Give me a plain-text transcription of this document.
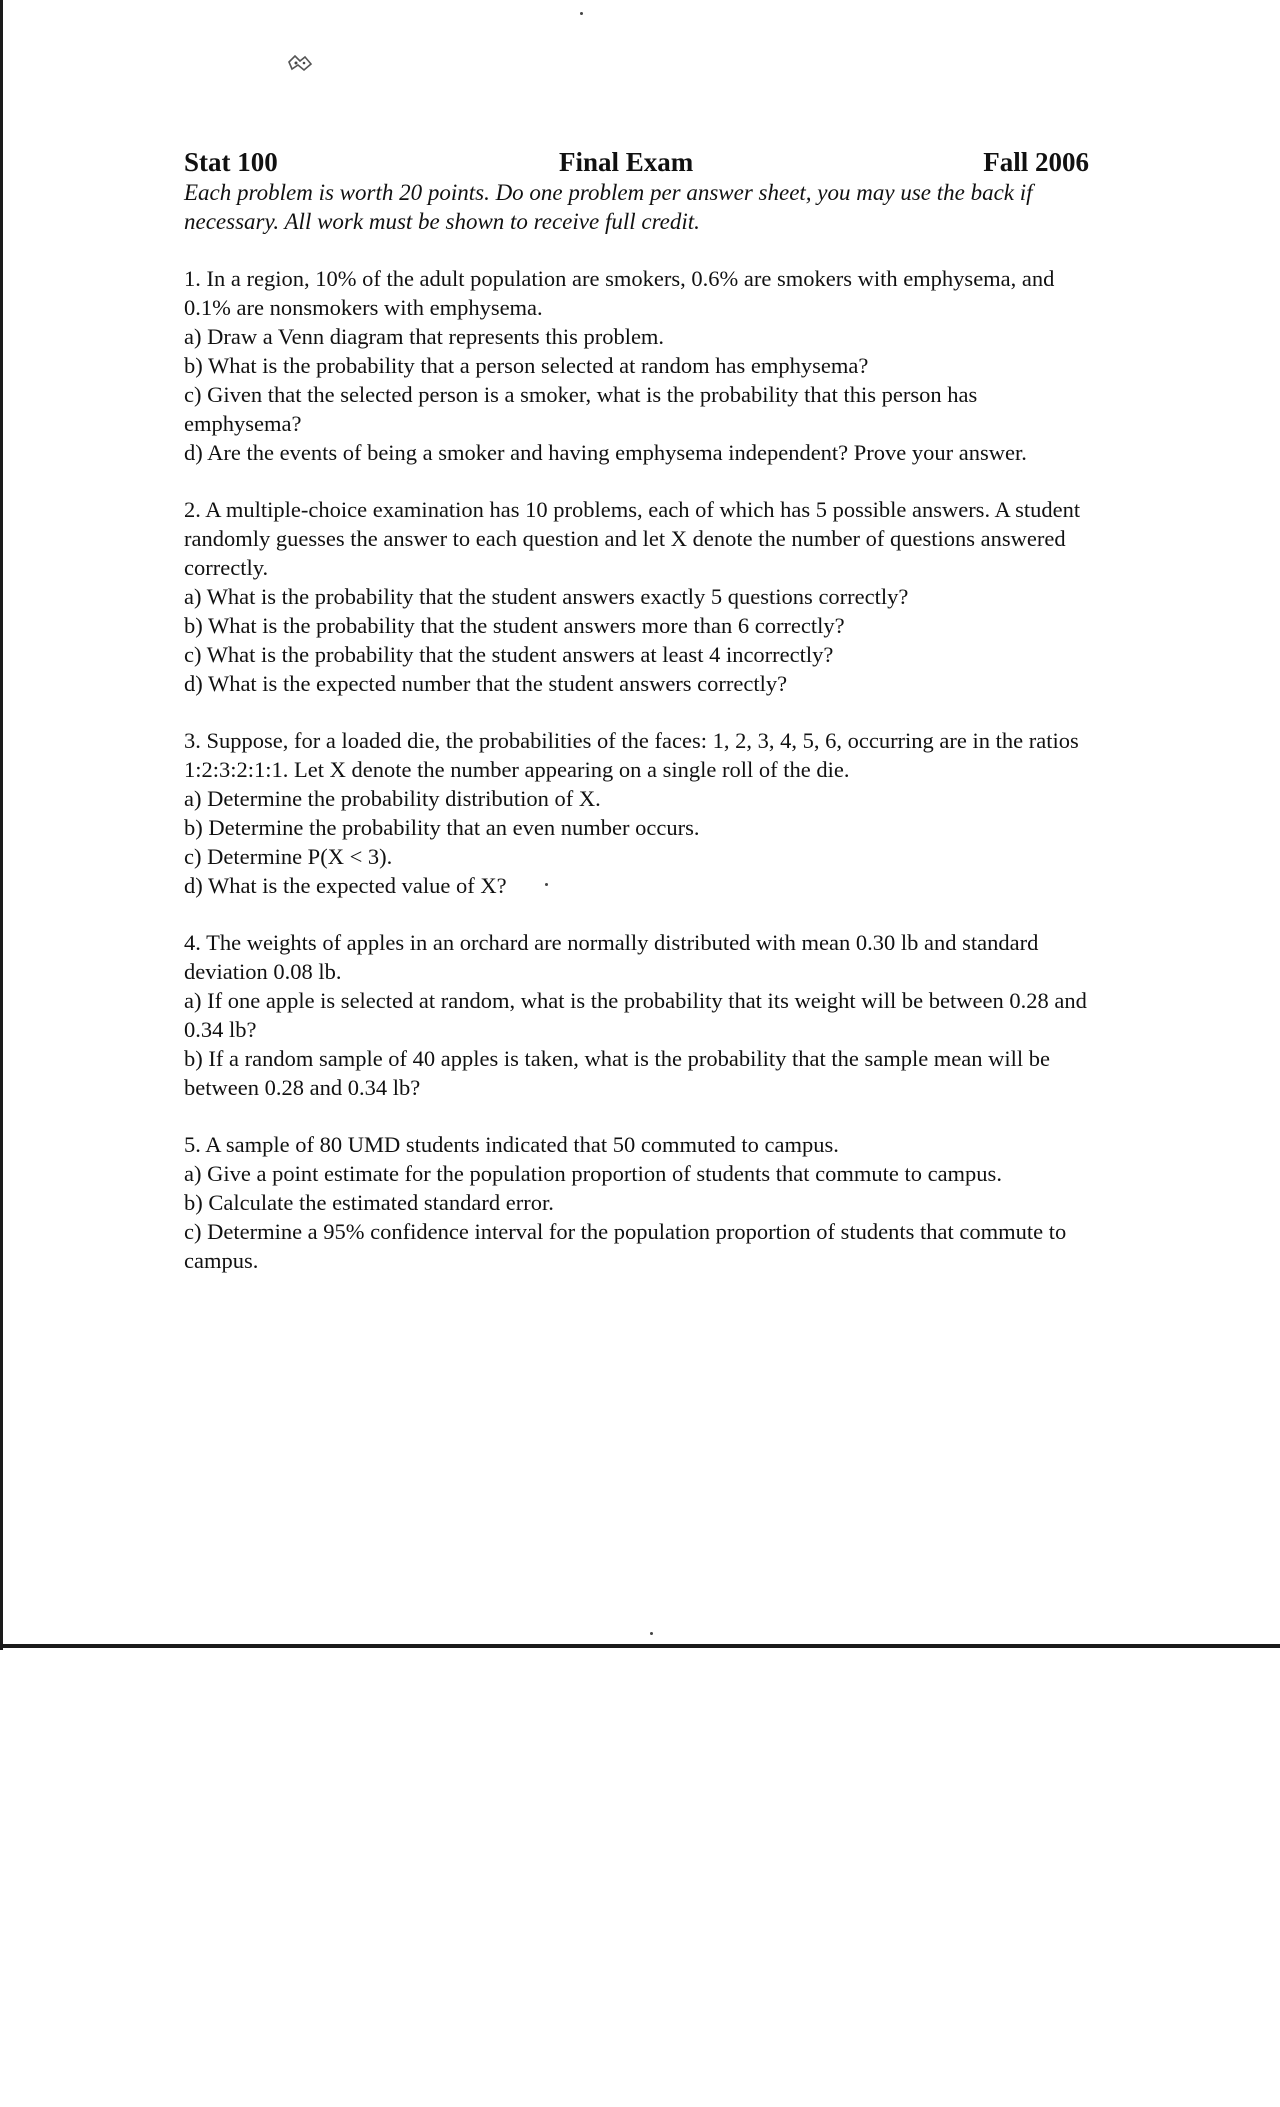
Stat 100	Final Exam	Fall 2006
Each problem is worth 20 points. Do one problem per answer sheet, you may use the back if necessary. All work must be shown to receive full credit.

1. In a region, 10% of the adult population are smokers, 0.6% are smokers with emphysema, and 0.1% are nonsmokers with emphysema.

a) Draw a Venn diagram that represents this problem.

b) What is the probability that a person selected at random has emphysema?

c) Given that the selected person is a smoker, what is the probability that this person has emphysema?

d) Are the events of being a smoker and having emphysema independent? Prove your answer.

2. A multiple-choice examination has 10 problems, each of which has 5 possible answers. A student randomly guesses the answer to each question and let X denote the number of questions answered correctly.

a) What is the probability that the student answers exactly 5 questions correctly?

b) What is the probability that the student answers more than 6 correctly?

c) What is the probability that the student answers at least 4 incorrectly?

d) What is the expected number that the student answers correctly?

3. Suppose, for a loaded die, the probabilities of the faces: 1, 2, 3, 4, 5, 6, occurring are in the ratios 1:2:3:2:1:1. Let X denote the number appearing on a single roll of the die.

a) Determine the probability distribution of X.

b) Determine the probability that an even number occurs.

c) Determine P(X < 3).

d) What is the expected value of X?

4. The weights of apples in an orchard are normally distributed with mean 0.30 lb and standard deviation 0.08 lb.

a) If one apple is selected at random, what is the probability that its weight will be between 0.28 and 0.34 lb?

b) If a random sample of 40 apples is taken, what is the probability that the sample mean will be between 0.28 and 0.34 lb?

5. A sample of 80 UMD students indicated that 50 commuted to campus.

a) Give a point estimate for the population proportion of students that commute to campus.

b) Calculate the estimated standard error.

c) Determine a 95% confidence interval for the population proportion of students that commute to campus.
